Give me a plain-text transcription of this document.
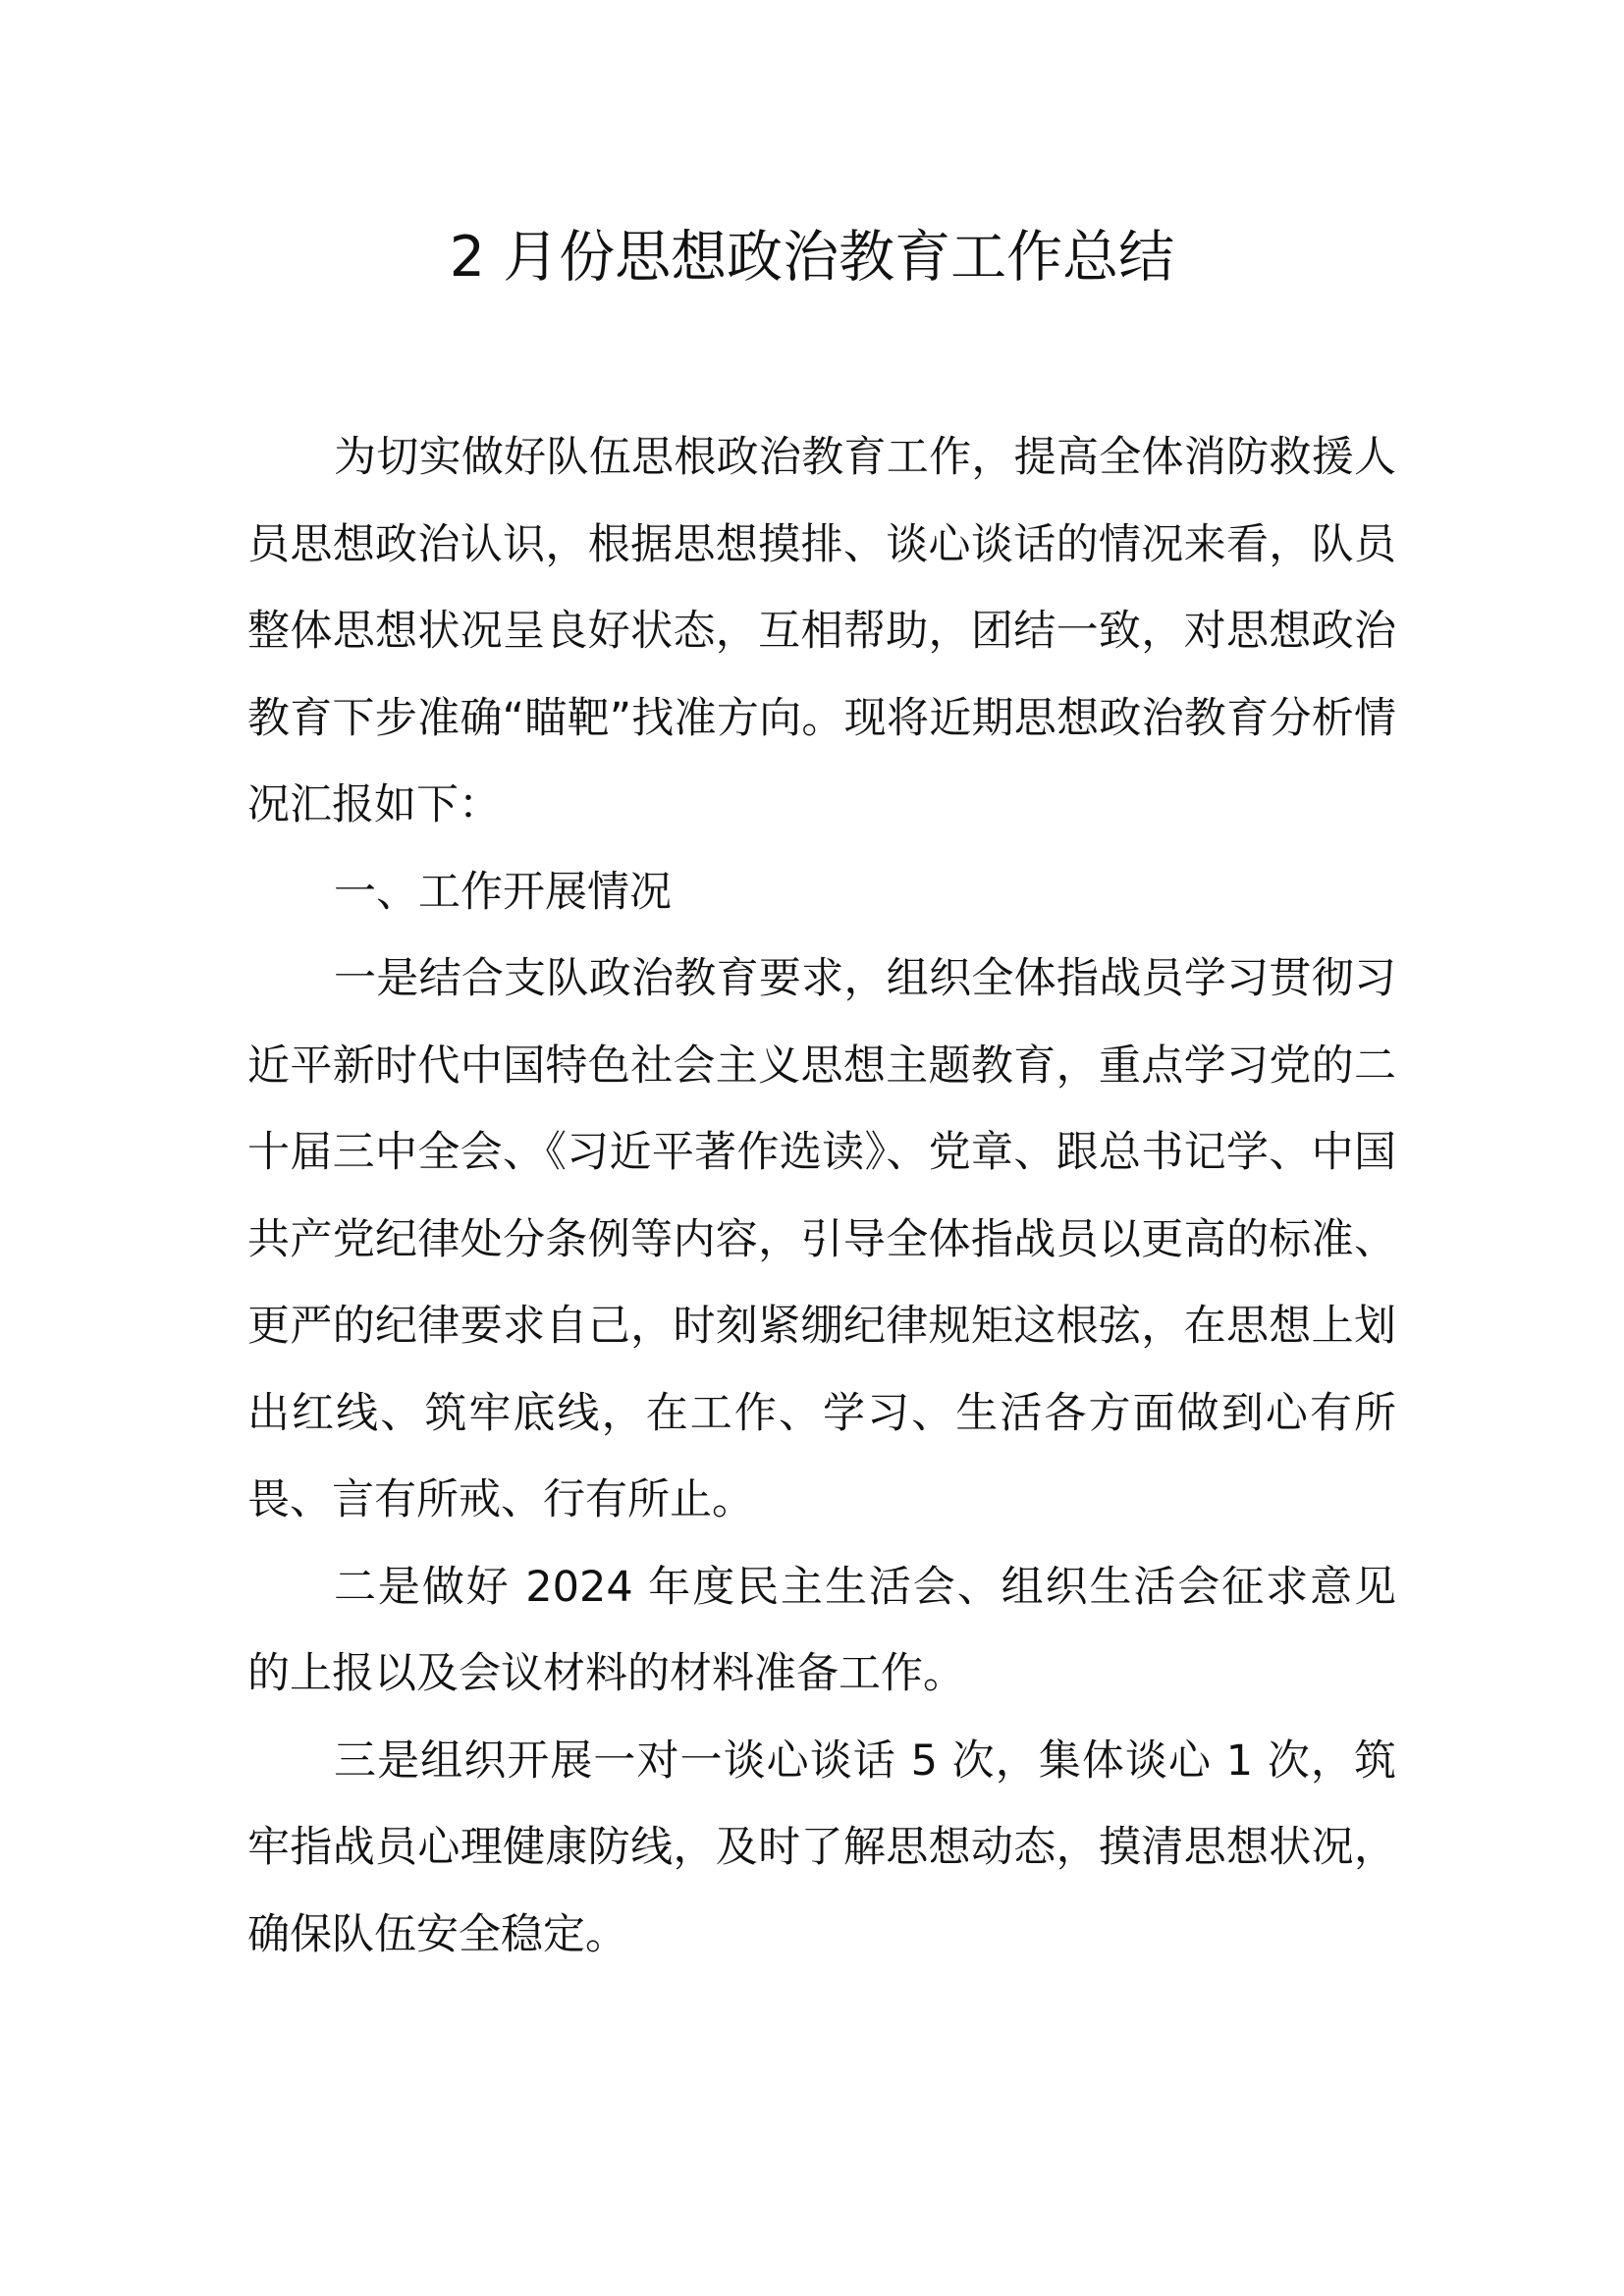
2 月份思想政治教育工作总结

为切实做好队伍思根政治教育工作，提高全体消防救援人员思想政治认识，根据思想摸排、谈心谈话的情况来看，队员整体思想状况呈良好状态，互相帮助，团结一致，对思想政治教育下步准确“瞄靶”找准方向。现将近期思想政治教育分析情况汇报如下：

一、工作开展情况

一是结合支队政治教育要求，组织全体指战员学习贯彻习近平新时代中国特色社会主义思想主题教育，重点学习党的二十届三中全会、《习近平著作选读》、党章、跟总书记学、中国共产党纪律处分条例等内容，引导全体指战员以更高的标准、更严的纪律要求自己，时刻紧绷纪律规矩这根弦，在思想上划出红线、筑牢底线，在工作、学习、生活各方面做到心有所畏、言有所戒、行有所止。

二是做好 2024 年度民主生活会、组织生活会征求意见的上报以及会议材料的材料准备工作。

三是组织开展一对一谈心谈话 5 次，集体谈心 1 次，筑牢指战员心理健康防线，及时了解思想动态，摸清思想状况，确保队伍安全稳定。
